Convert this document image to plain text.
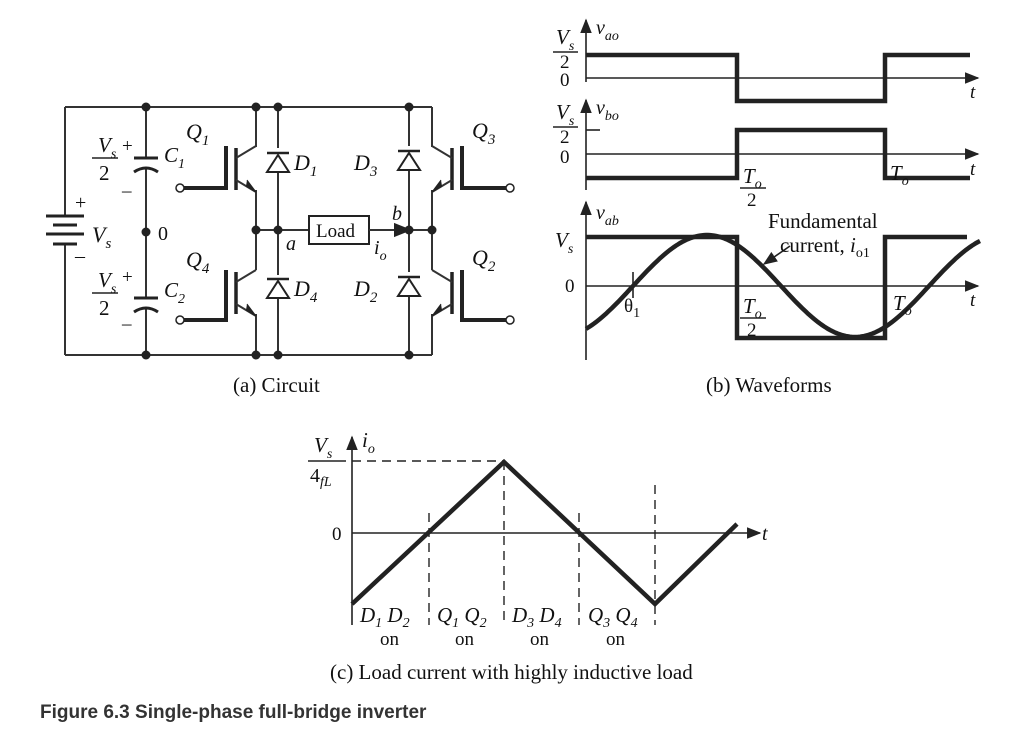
+
–
$V_s$ 0
$V_s$
2
+
_
$C_1$
$V_s$
2
+
_
$C_2$
$Q_1$
$Q_4$
$D_1$
$D_4$
a
Load
b
$i_o$
$D_3$
$D_2$
$Q_3$
$Q_2$
(a) Circuit
$v_{ao}$
$V_s$
2
0
t
$v_{bo}$
$V_s$
2
0
$T_o$
2
$T_o$
t
$v_{ab}$
$V_s$
0
$\theta_1$
Fundamental
current, $i_{o1}$
$T_o$
2
$T_o$
t
(b) Waveforms
$i_o$
$V_s$
$4_{fL}$
0	t
$D_1$ $D_2$
on
$Q_1$ $Q_2$
on
$D_3$ $D_4$
on
$Q_3$ $Q_4$
on
(c) Load current with highly inductive load
Figure 6.3 Single-phase full-bridge inverter
